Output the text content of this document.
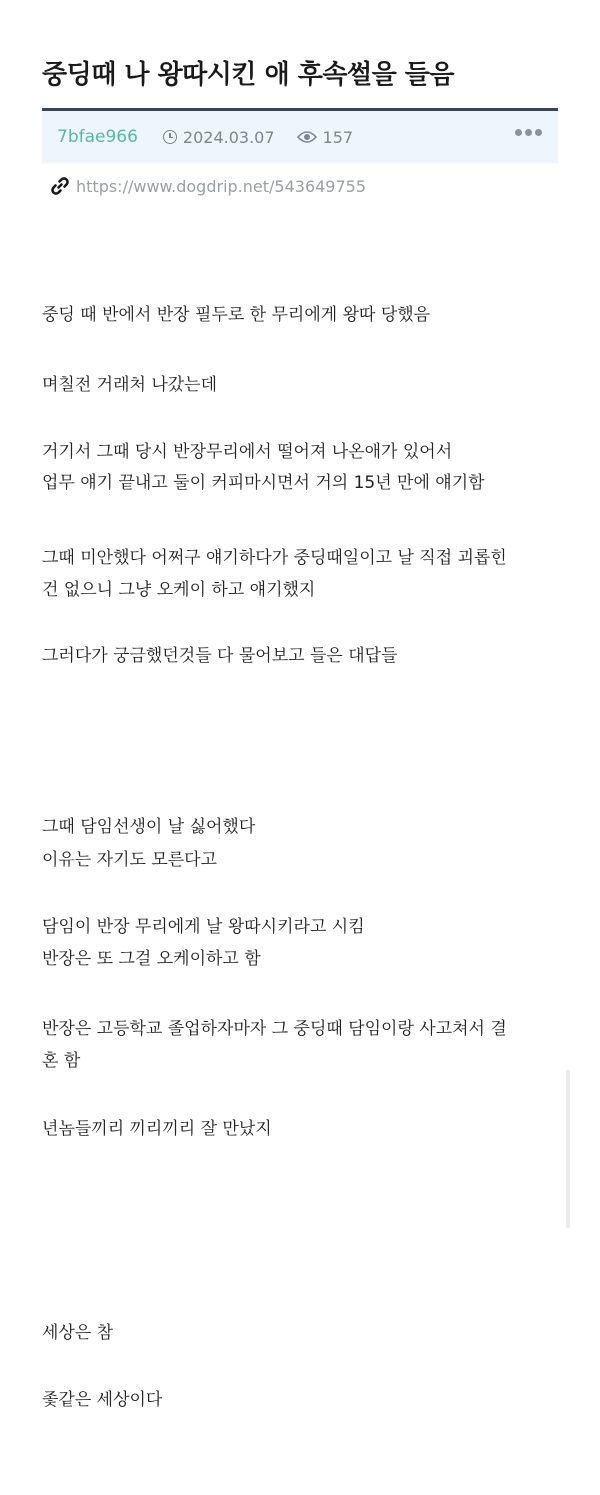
중딩때 나 왕따시킨 애 후속썰을 들음
7bfae966	2024.03.07	157
https://www.dogdrip.net/543649755

중딩 때 반에서 반장 필두로 한 무리에게 왕따 당했음

며칠전 거래처 나갔는데

거기서 그때 당시 반장무리에서 떨어져 나온애가 있어서

업무 얘기 끝내고 둘이 커피마시면서 거의 15년 만에 얘기함

그때 미안했다 어쩌구 얘기하다가 중딩때일이고 날 직접 괴롭힌

건 없으니 그냥 오케이 하고 얘기했지

그러다가 궁금했던것들 다 물어보고 들은 대답들

그때 담임선생이 날 싫어했다

이유는 자기도 모른다고

담임이 반장 무리에게 날 왕따시키라고 시킴

반장은 또 그걸 오케이하고 함

반장은 고등학교 졸업하자마자 그 중딩때 담임이랑 사고쳐서 결

혼 함

년놈들끼리 끼리끼리 잘 만났지

세상은 참

좇같은 세상이다
